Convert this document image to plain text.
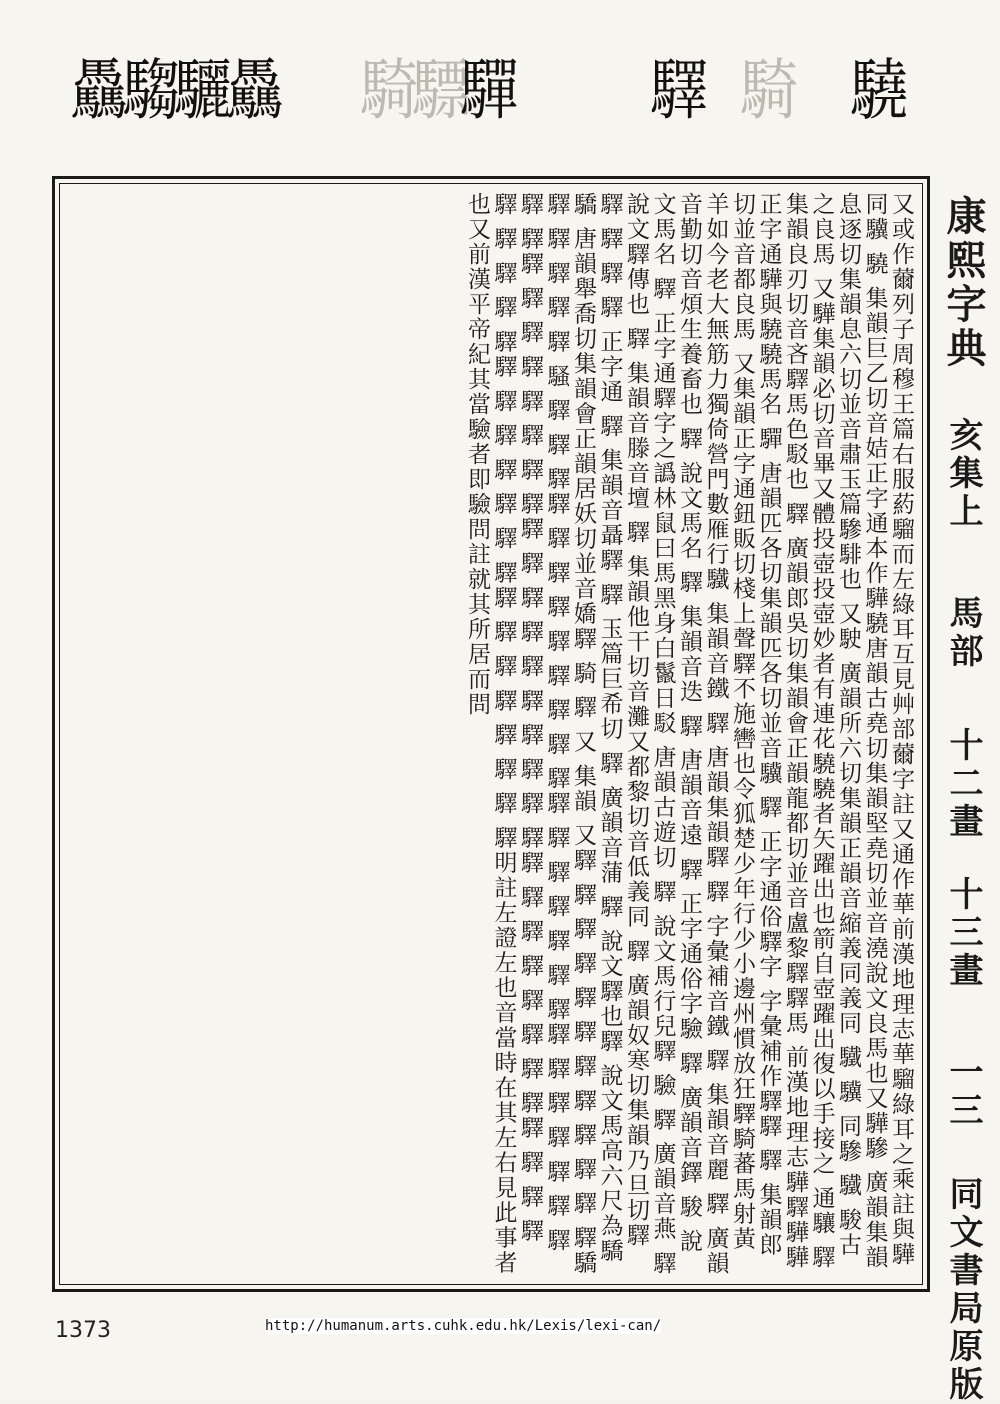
驫騶驪驫 騎驃
驒 驛 騎 驍
又或作薾列子周穆王篇右服葯騮而左綠耳互見艸部薾字註又通作華前漢地理志華騮綠耳之乘註與驊同驥 驍 集韻巨乙切音姞正字通本作驊驍唐韻古堯切集韻堅堯切並音澆說文良馬也又驊驂 廣韻集韻息逐切集韻息六切並音肅玉篇驂騑也 又駛 廣韻所六切集韻正韻音縮義同義同 驖 驥 同驂 驖 駿古之良馬 又驊集韻必切音畢又體投壺投壺妙者有連花驍驍者矢躍出也箭自壺躍出復以手接之 通驤 驛 集韻良刃切音吝驛馬色駁也 驛 廣韻郎吳切集韻會正韻龍都切並音盧黎驛驛馬 前漢地理志驊驛驊驊 正字通驊與驍驍馬名 驒 唐韻匹各切集韻匹各切並音驥 驛 正字通俗驛字 字彙補作驛驛 驛 集韻郎切並音都良馬 又集韻正字通鈕販切棧上聲驛不施轡也令狐楚少年行少小邊州慣放狂驛騎蕃馬射黃羊如今老大無筋力獨倚營門數雁行驖 集韻音鐵 驛 唐韻集韻驛 驛 字彙補音鐵 驛 集韻音麗 驛 廣韻音勤切音煩生養畜也 驛 說文馬名 驛 集韻音迭 驛 唐韻音遠 驛 正字通俗字驗 驛 廣韻音鐸 駿 說文馬名 驛 正字通驛字之譌林鼠曰馬黑身白鬣日駁 唐韻古遊切 驛 說文馬行兒驛 驗 驛 廣韻音燕 驛 說文驛傳也 驛 集韻音滕音壇 驛 集韻他干切音灘又都黎切音低義同 驛 廣韻奴寒切集韻乃旦切驛 驛 驛 驛 驛 正字通 驛 集韻音聶驛 驛 玉篇巨希切 驛 廣韻音蒲 驛 說文驛也驛 說文馬高六尺為驕 驕 唐韻舉喬切集韻會正韻居妖切並音嬌驛 騎 驛 又 集韻 又驛 驛 驛 驛 驛 驛 驛 驛 驛 驛 驛 驛驕 驛 驛 驛 驛 驛 騷 驛 驛 驛驛 驛 驛 驛 驛 驛 驛 驛 驛驛 驛 驛 驛 驛 驛 驛驛 驛 驛 驛 驛 驛 驛 驛 驛驛 驛 驛 驛 驛 驛 驛 驛驛 驛 驛 驛 驛 驛 驛 驛 驛 驛驛 驛 驛 驛 驛 驛 驛 驛驛 驛 驛 驛 驛 驛 驛 驛 驛驛 驛 驛 驛 驛 驛 驛驛 驛 驛 驛 驛 驛 驛 驛明註左證左也音當時在其左右見此事者也又前漢平帝紀其當驗者即驗問註就其所居而問	康熙字典 亥集上 馬部 十二畫 十三畫 一三 同文書局原版
1373	http://humanum.arts.cuhk.edu.hk/Lexis/lexi-can/
